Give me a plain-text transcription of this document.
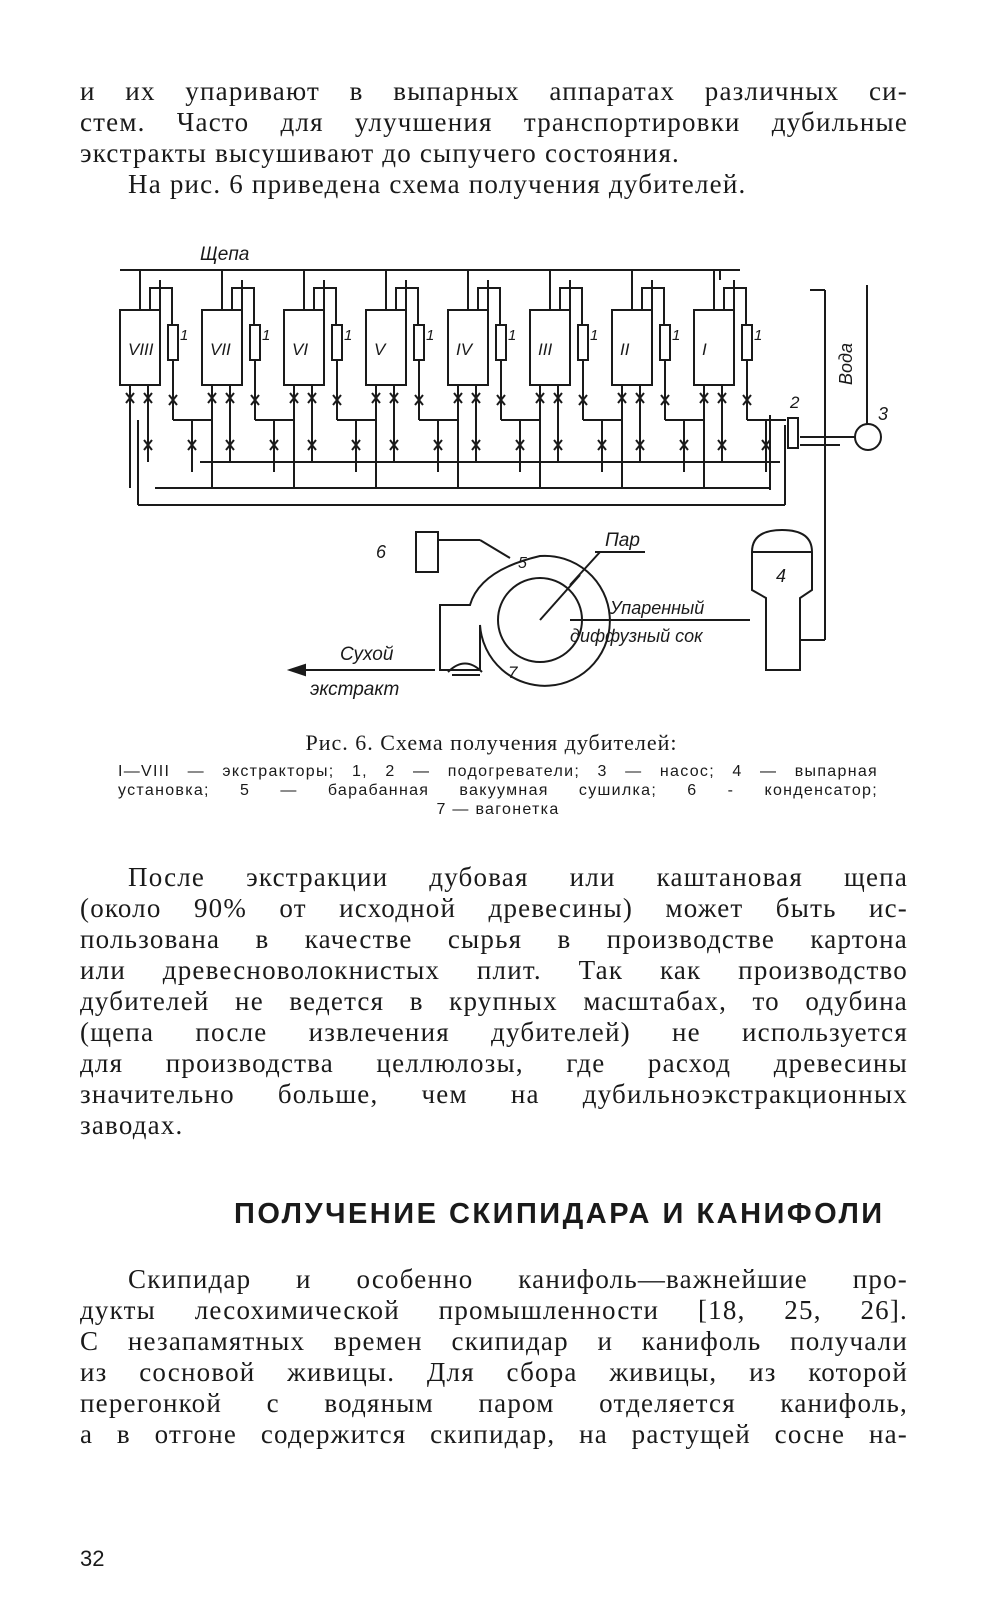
и их упаривают в выпарных аппаратах различных си-
стем. Часто для улучшения транспортировки дубильные
экстракты высушивают до сыпучего состояния.
На рис. 6 приведена схема получения дубителей.
VIII
1
VII
1
VI
1
V
1
IV
1
III
1
II
1
I
1
2
Вода
3
4
6
5
7
Пар
Упаренный
диффузный сок
Сухой
экстракт
Щепа
Рис. 6. Схема получения дубителей:
I—VIII — экстракторы; 1, 2 — подогреватели; 3 — насос; 4 — выпарная
установка; 5 — барабанная вакуумная сушилка; 6 - конденсатор;
7 — вагонетка
После экстракции дубовая или каштановая щепа
(около 90% от исходной древесины) может быть ис-
пользована в качестве сырья в производстве картона
или древесноволокнистых плит. Так как производство
дубителей не ведется в крупных масштабах, то одубина
(щепа после извлечения дубителей) не используется
для производства целлюлозы, где расход древесины
значительно больше, чем на дубильноэкстракционных
заводах.
ПОЛУЧЕНИЕ СКИПИДАРА И КАНИФОЛИ
Скипидар и особенно канифоль—важнейшие про-
дукты лесохимической промышленности [18, 25, 26].
С незапамятных времен скипидар и канифоль получали
из сосновой живицы. Для сбора живицы, из которой
перегонкой с водяным паром отделяется канифоль,
а в отгоне содержится скипидар, на растущей сосне на-
32
